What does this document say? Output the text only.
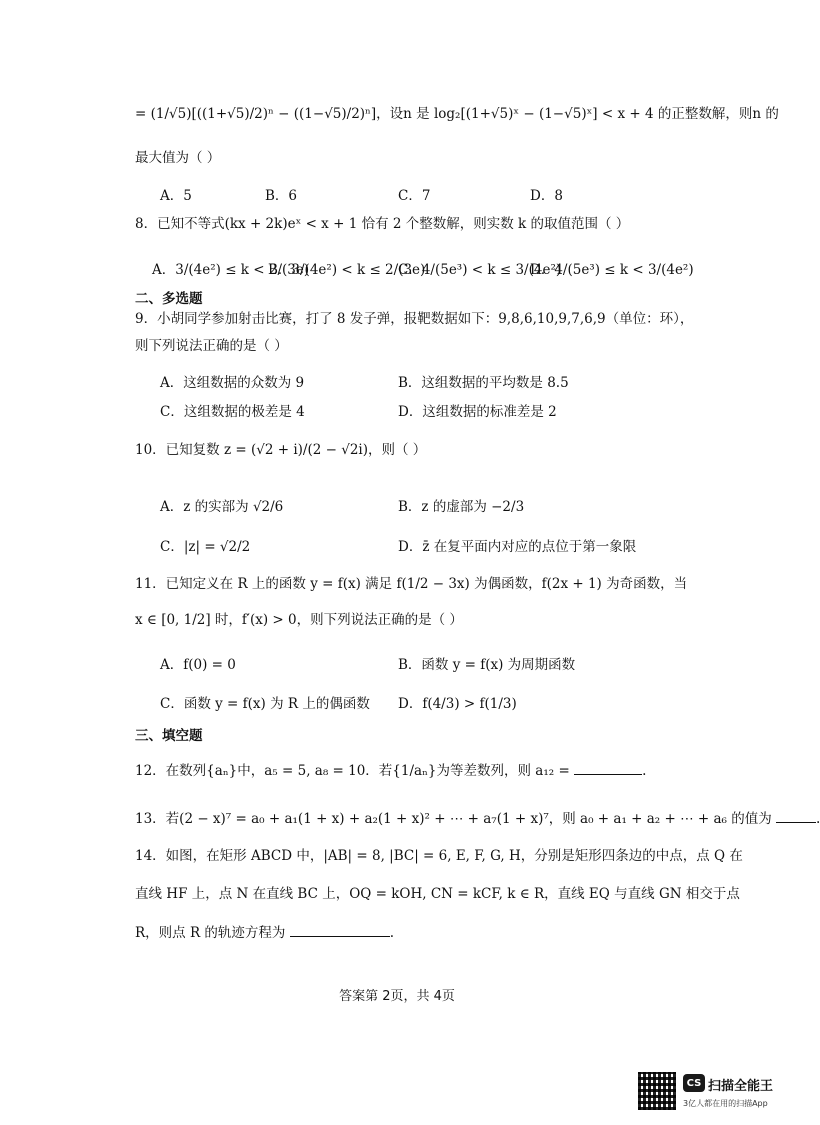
= (1/√5)[((1+√5)/2)ⁿ − ((1−√5)/2)ⁿ]，设n 是 log₂[(1+√5)ˣ − (1−√5)ˣ] < x + 4 的正整数解，则n 的
最大值为（ ）
A．5	B．6	C．7	D．8
8．已知不等式(kx + 2k)eˣ < x + 1 恰有 2 个整数解，则实数 k 的取值范围（ ）
A．3/(4e²) ≤ k < 2/(3e)
B．3/(4e²) < k ≤ 2/(3e)
C．4/(5e³) < k ≤ 3/(4e²)
D．4/(5e³) ≤ k < 3/(4e²)
二、多选题
9．小胡同学参加射击比赛，打了 8 发子弹，报靶数据如下：9,8,6,10,9,7,6,9（单位：环），
则下列说法正确的是（ ）
A．这组数据的众数为 9	B．这组数据的平均数是 8.5
C．这组数据的极差是 4	D．这组数据的标准差是 2
10．已知复数 z = (√2 + i)/(2 − √2i)，则（ ）
A．z 的实部为 √2/6	B．z 的虚部为 −2/3
C．|z| = √2/2	D．z̄ 在复平面内对应的点位于第一象限
11．已知定义在 R 上的函数 y = f(x) 满足 f(1/2 − 3x) 为偶函数，f(2x + 1) 为奇函数，当
x ∈ [0, 1/2] 时，f′(x) > 0，则下列说法正确的是（ ）
A．f(0) = 0	B．函数 y = f(x) 为周期函数
C．函数 y = f(x) 为 R 上的偶函数 D．f(4/3) > f(1/3)
三、填空题
12．在数列{aₙ}中，a₅ = 5, a₈ = 10．若{1/aₙ}为等差数列，则 a₁₂ =	.
13．若(2 − x)⁷ = a₀ + a₁(1 + x) + a₂(1 + x)² + ⋯ + a₇(1 + x)⁷，则 a₀ + a₁ + a₂ + ⋯ + a₆ 的值为	.
14．如图，在矩形 ABCD 中，|AB| = 8, |BC| = 6, E, F, G, H，分别是矩形四条边的中点，点 Q 在
直线 HF 上，点 N 在直线 BC 上，OQ = kOH, CN = kCF, k ∈ R，直线 EQ 与直线 GN 相交于点
R，则点 R 的轨迹方程为	.
答案第 2页，共 4页
CS 扫描全能王
3亿人都在用的扫描App
